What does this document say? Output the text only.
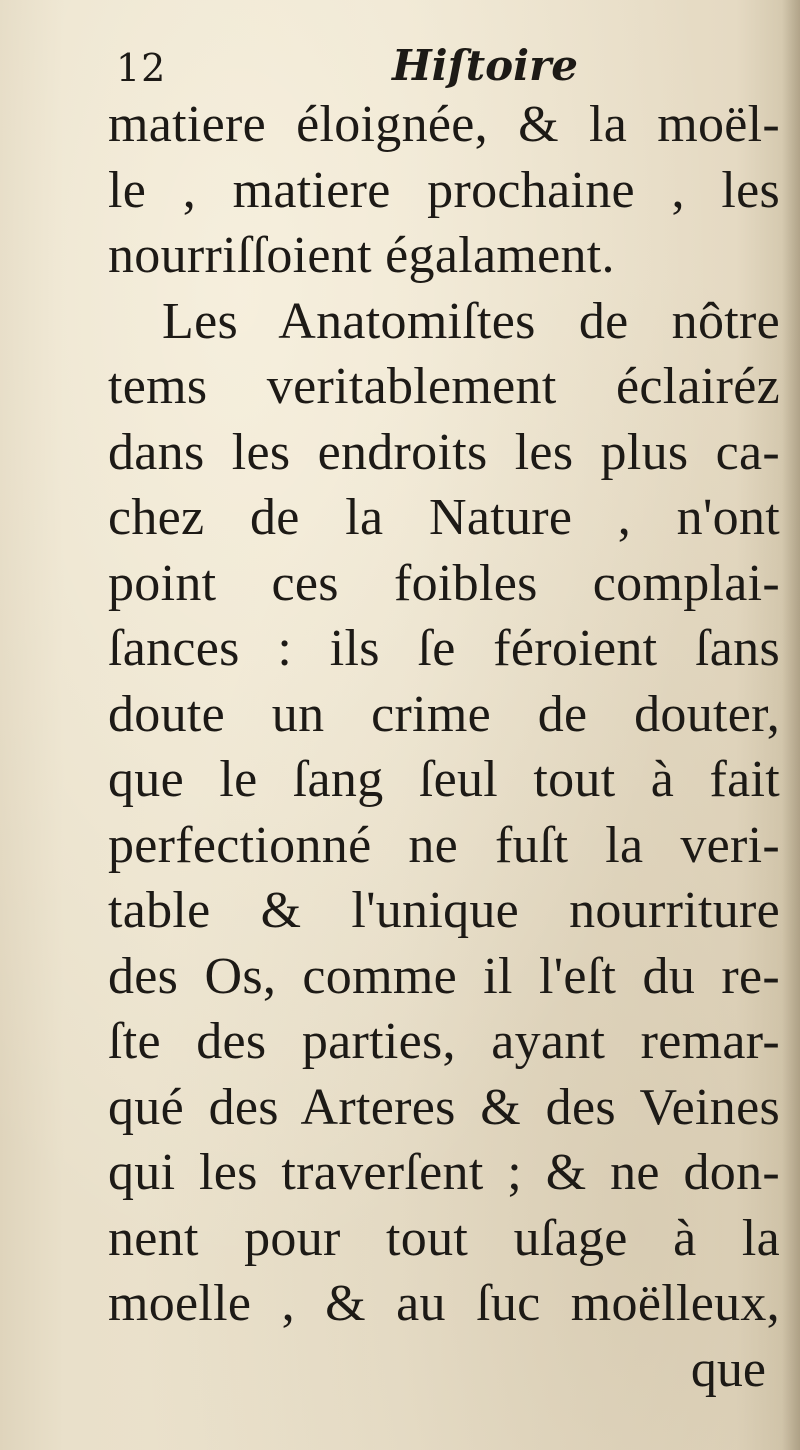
12	Hiſtoire
matiere éloignée, & la moël-
le , matiere prochaine , les
nourriſſoient égalament.
Les Anatomiſtes de nôtre
tems veritablement éclairéz
dans les endroits les plus ca-
chez de la Nature , n'ont
point ces foibles complai-
ſances : ils ſe féroient ſans
doute un crime de douter,
que le ſang ſeul tout à fait
perfectionné ne fuſt la veri-
table & l'unique nourriture
des Os, comme il l'eſt du re-
ſte des parties, ayant remar-
qué des Arteres & des Veines
qui les traverſent ; & ne don-
nent pour tout uſage à la
moelle , & au ſuc moëlleux,
que
